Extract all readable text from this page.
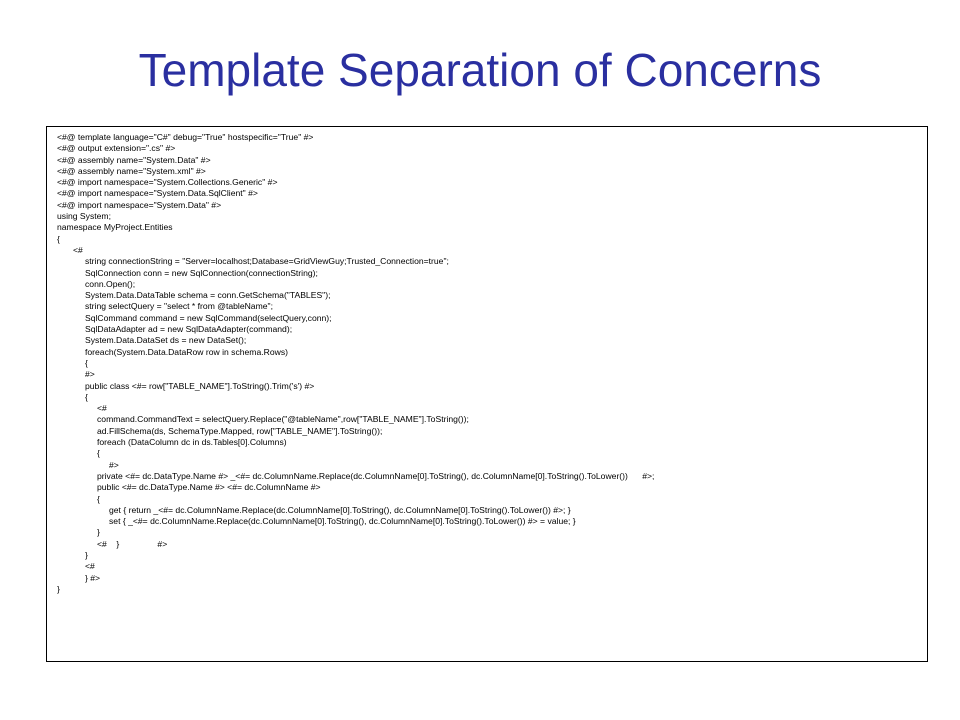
Template Separation of Concerns
<#@ template language="C#" debug="True" hostspecific="True" #>
<#@ output extension=".cs" #>
<#@ assembly name="System.Data" #>
<#@ assembly name="System.xml" #>
<#@ import namespace="System.Collections.Generic" #>
<#@ import namespace="System.Data.SqlClient" #>
<#@ import namespace="System.Data" #>
using System;
namespace MyProject.Entities
{
<#
string connectionString = "Server=localhost;Database=GridViewGuy;Trusted_Connection=true";
SqlConnection conn = new SqlConnection(connectionString);
conn.Open();
System.Data.DataTable schema = conn.GetSchema("TABLES");
string selectQuery = "select * from @tableName";
SqlCommand command = new SqlCommand(selectQuery,conn);
SqlDataAdapter ad = new SqlDataAdapter(command);
System.Data.DataSet ds = new DataSet();
foreach(System.Data.DataRow row in schema.Rows)
{
#>
public class <#= row["TABLE_NAME"].ToString().Trim('s') #>
{
<#
command.CommandText = selectQuery.Replace("@tableName",row["TABLE_NAME"].ToString());
ad.FillSchema(ds, SchemaType.Mapped, row["TABLE_NAME"].ToString());
foreach (DataColumn dc in ds.Tables[0].Columns)
{
#>
private <#= dc.DataType.Name #> _<#= dc.ColumnName.Replace(dc.ColumnName[0].ToString(), dc.ColumnName[0].ToString().ToLower())      #>;
public <#= dc.DataType.Name #> <#= dc.ColumnName #>
{
get { return _<#= dc.ColumnName.Replace(dc.ColumnName[0].ToString(), dc.ColumnName[0].ToString().ToLower()) #>; }
set { _<#= dc.ColumnName.Replace(dc.ColumnName[0].ToString(), dc.ColumnName[0].ToString().ToLower()) #> = value; }
}
<#    }                #>
}
<#
} #>
}
